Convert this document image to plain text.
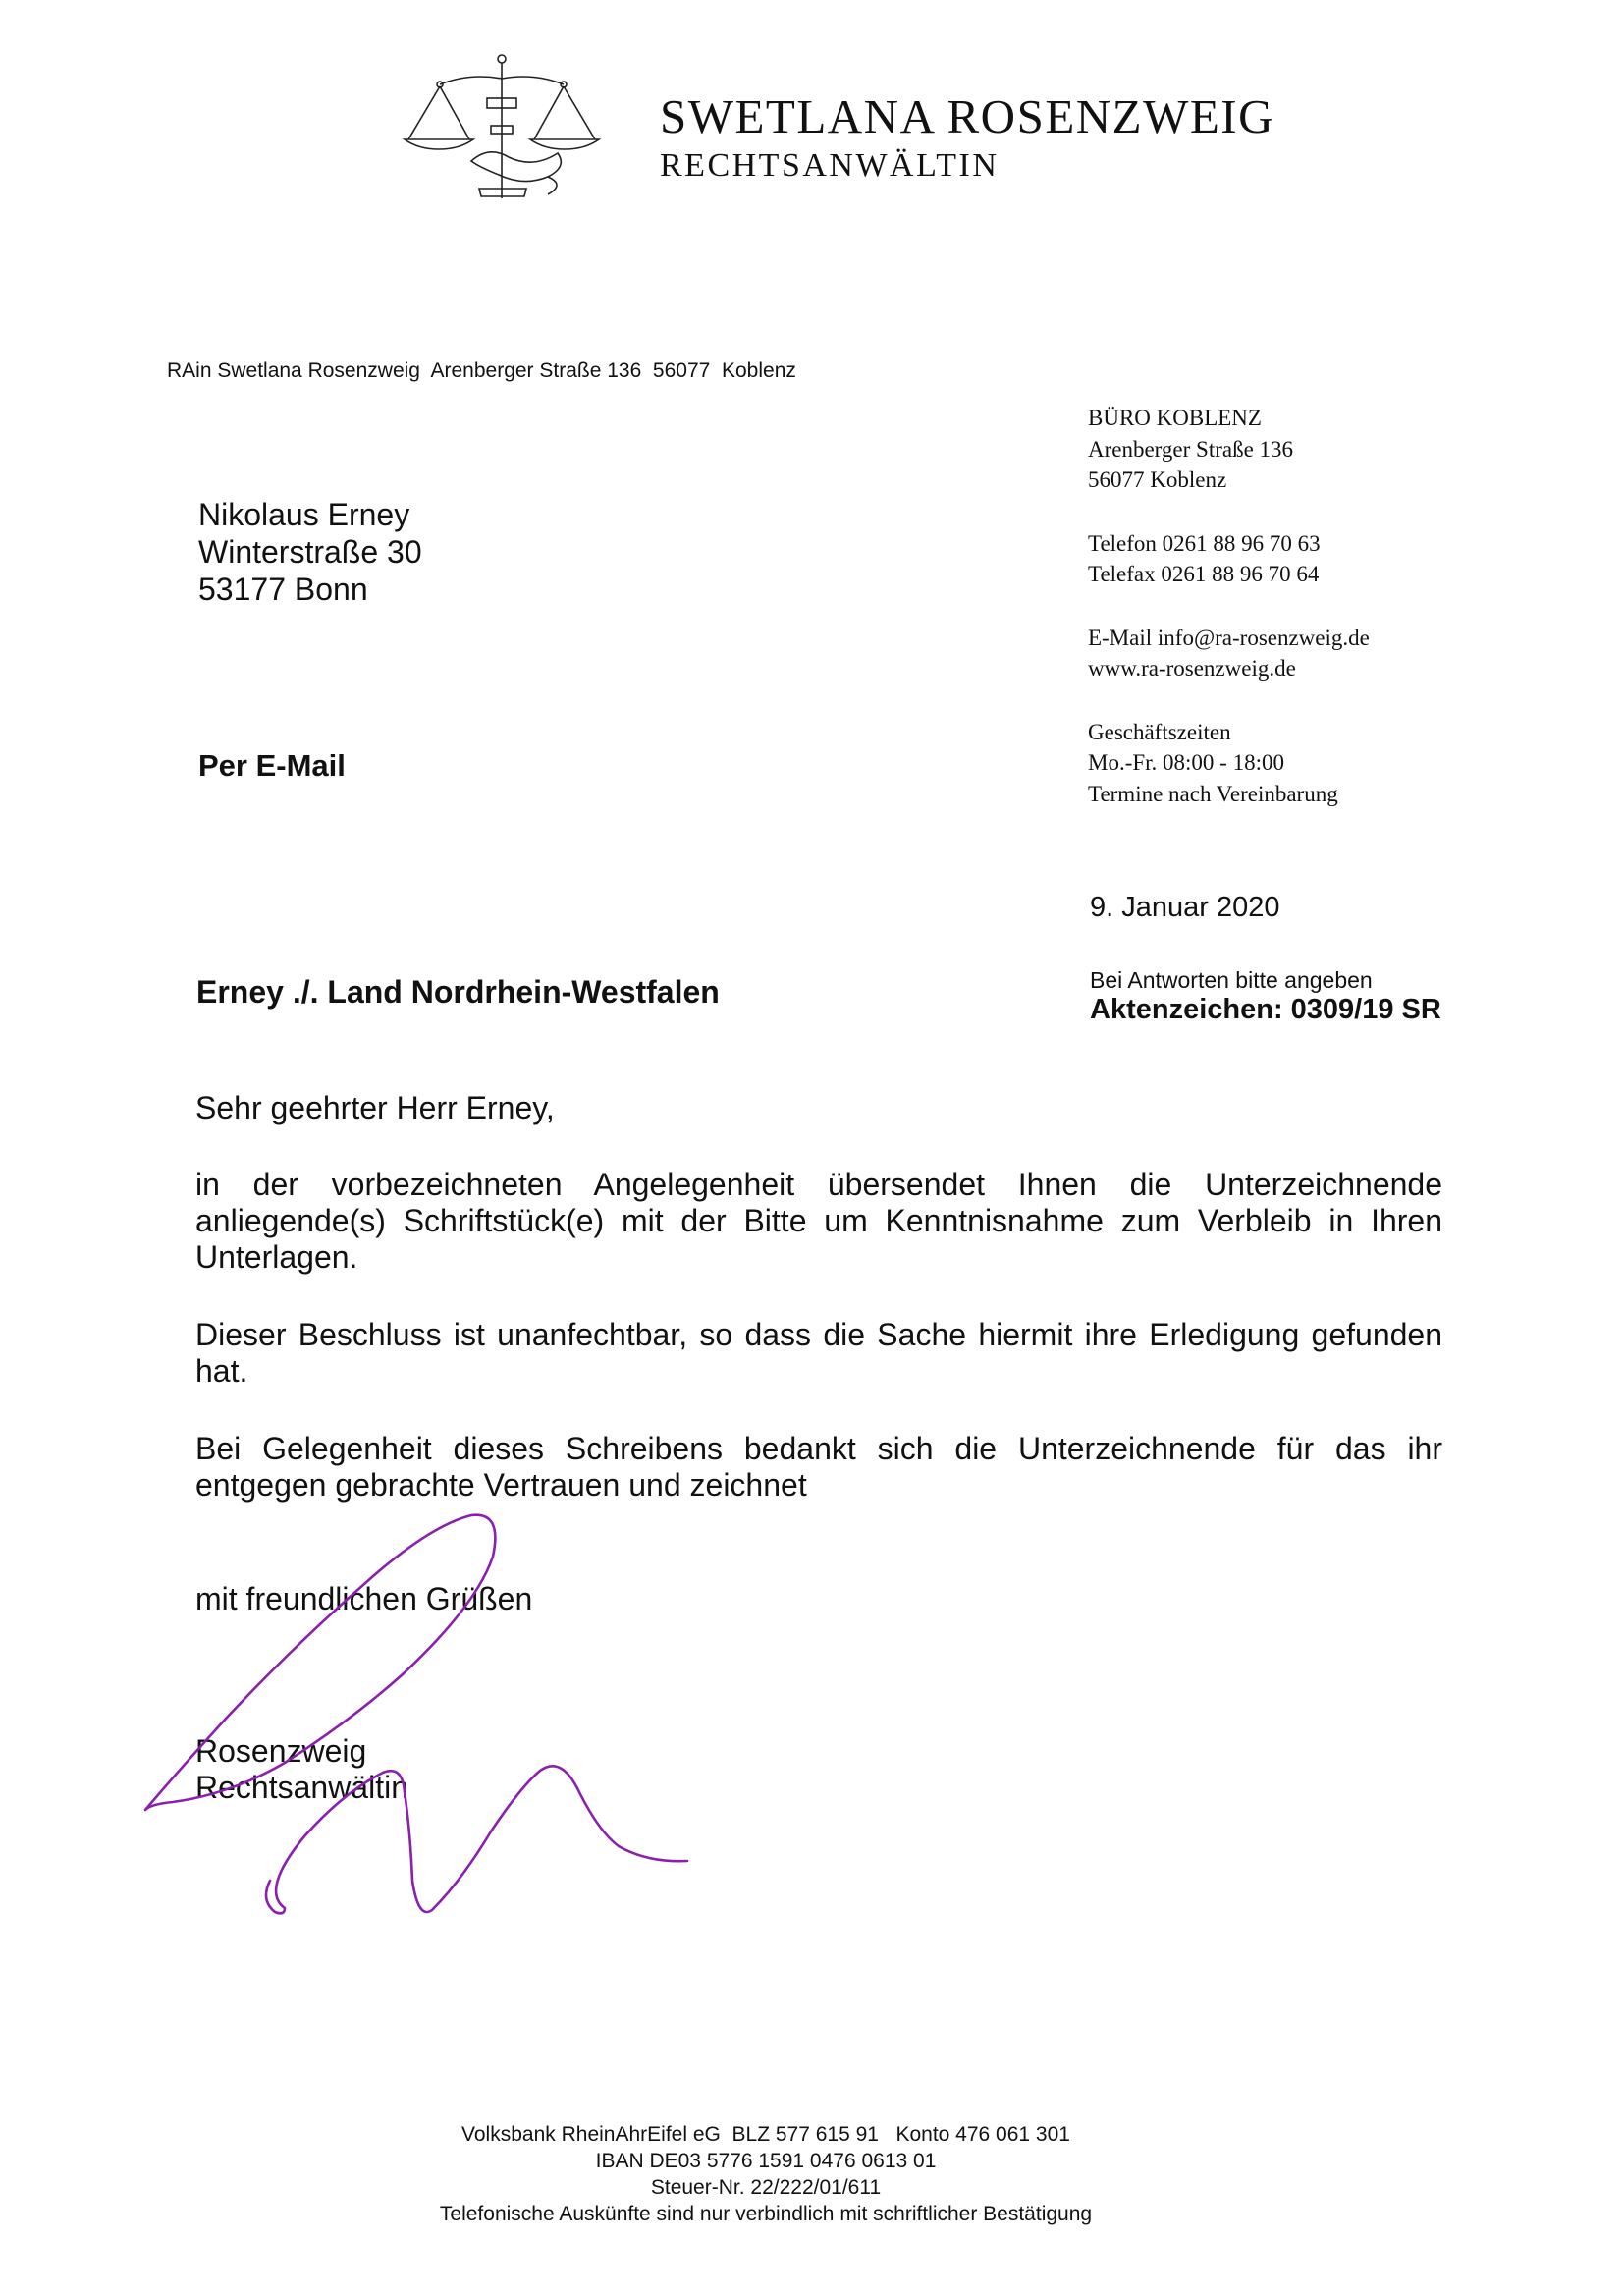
SWETLANA ROSENZWEIG
RECHTSANWÄLTIN
RAin Swetlana Rosenzweig  Arenberger Straße 136  56077  Koblenz
Nikolaus Erney
Winterstraße 30
53177 Bonn
Per E-Mail
BÜRO KOBLENZ
Arenberger Straße 136
56077 Koblenz
Telefon 0261 88 96 70 63
Telefax 0261 88 96 70 64
E-Mail info@ra-rosenzweig.de
www.ra-rosenzweig.de
Geschäftszeiten
Mo.-Fr. 08:00 - 18:00
Termine nach Vereinbarung
9. Januar 2020
Bei Antworten bitte angeben
Aktenzeichen: 0309/19 SR
Erney ./. Land Nordrhein-Westfalen
Sehr geehrter Herr Erney,
in der vorbezeichneten Angelegenheit übersendet Ihnen die Unterzeichnende anliegende(s) Schriftstück(e) mit der Bitte um Kenntnisnahme zum Verbleib in Ihren Unterlagen.
Dieser Beschluss ist unanfechtbar, so dass die Sache hiermit ihre Erledigung gefunden hat.
Bei Gelegenheit dieses Schreibens bedankt sich die Unterzeichnende für das ihr entgegen gebrachte Vertrauen und zeichnet
mit freundlichen Grüßen
Rosenzweig
Rechtsanwältin
Volksbank RheinAhrEifel eG  BLZ 577 615 91   Konto 476 061 301
IBAN DE03 5776 1591 0476 0613 01
Steuer-Nr. 22/222/01/611
Telefonische Auskünfte sind nur verbindlich mit schriftlicher Bestätigung
